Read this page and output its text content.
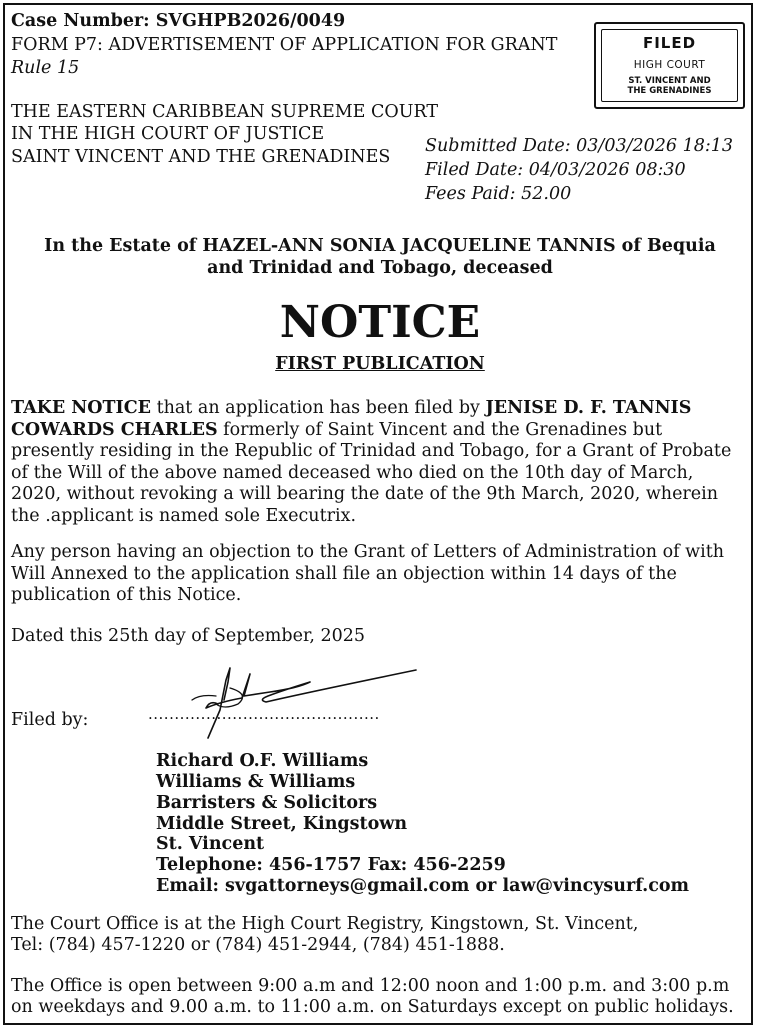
Case Number: SVGHPB2026/0049
FORM P7: ADVERTISEMENT OF APPLICATION FOR GRANT
Rule 15
THE EASTERN CARIBBEAN SUPREME COURT
IN THE HIGH COURT OF JUSTICE
SAINT VINCENT AND THE GRENADINES
Submitted Date: 03/03/2026 18:13
Filed Date: 04/03/2026 08:30
Fees Paid: 52.00
FILED
HIGH COURT
ST. VINCENT AND
THE GRENADINES
In the Estate of HAZEL-ANN SONIA JACQUELINE TANNIS of Bequia
and Trinidad and Tobago, deceased
NOTICE
FIRST PUBLICATION
TAKE NOTICE that an application has been filed by JENISE D. F. TANNIS COWARDS CHARLES formerly of Saint Vincent and the Grenadines but presently residing in the Republic of Trinidad and Tobago, for a Grant of Probate of the Will of the above named deceased who died on the 10th day of March, 2020, without revoking a will bearing the date of the 9th March, 2020, wherein the .applicant is named sole Executrix.
Any person having an objection to the Grant of Letters of Administration of with Will Annexed to the application shall file an objection within 14 days of the publication of this Notice.
Dated this 25th day of September, 2025
Filed by:	............................................
Richard O.F. Williams
Williams & Williams
Barristers & Solicitors
Middle Street, Kingstown
St. Vincent
Telephone: 456-1757 Fax: 456-2259
Email: svgattorneys@gmail.com or law@vincysurf.com
The Court Office is at the High Court Registry, Kingstown, St. Vincent,
Tel: (784) 457-1220 or (784) 451-2944, (784) 451-1888.
The Office is open between 9:00 a.m and 12:00 noon and 1:00 p.m. and 3:00 p.m
on weekdays and 9.00 a.m. to 11:00 a.m. on Saturdays except on public holidays.
